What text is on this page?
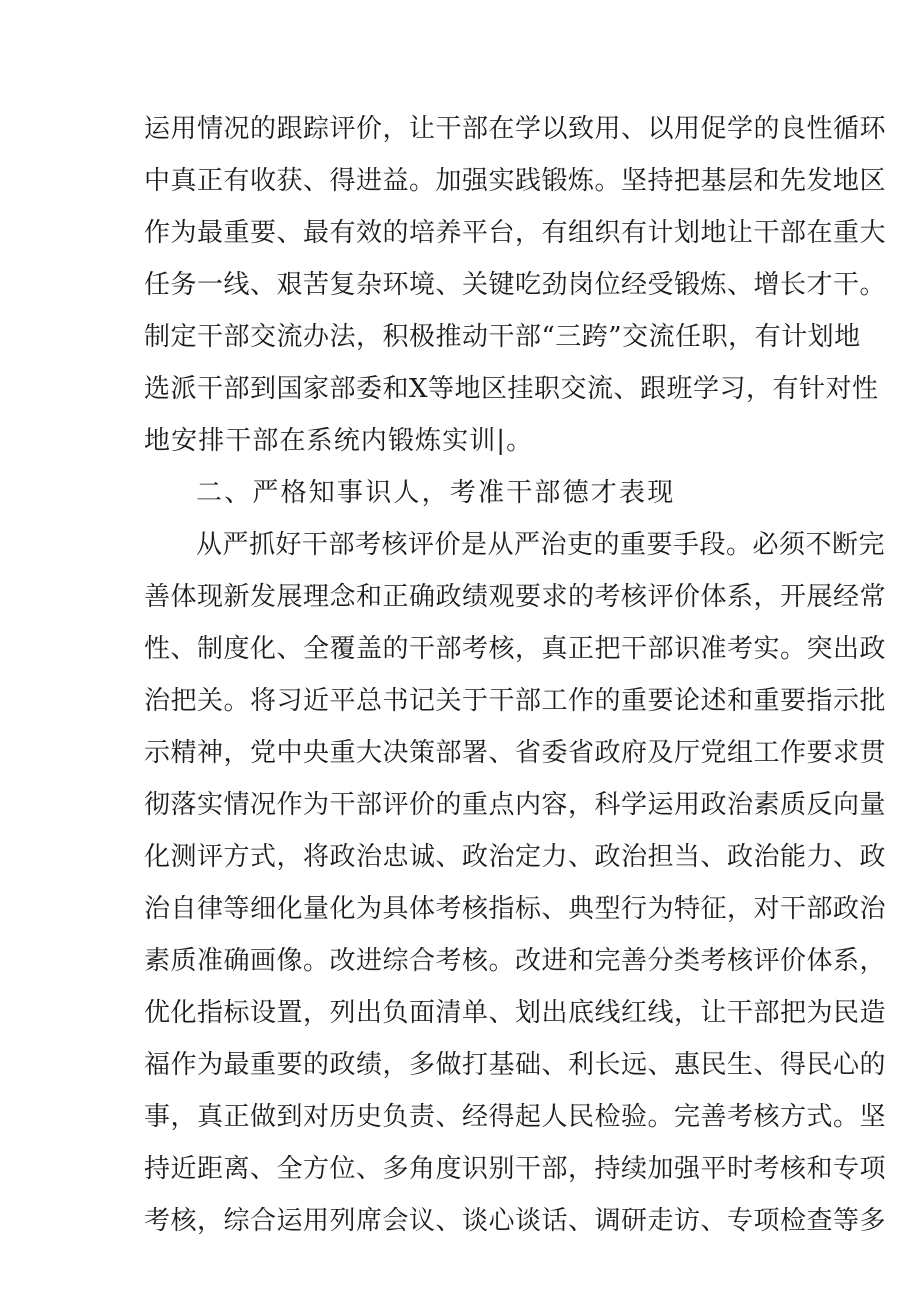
运用情况的跟踪评价，让干部在学以致用、以用促学的良性循环
中真正有收获、得进益。加强实践锻炼。坚持把基层和先发地区
作为最重要、最有效的培养平台，有组织有计划地让干部在重大
任务一线、艰苦复杂环境、关键吃劲岗位经受锻炼、增长才干。
制定干部交流办法，积极推动干部“三跨”交流任职，有计划地
选派干部到国家部委和X等地区挂职交流、跟班学习，有针对性
地安排干部在系统内锻炼实训|。
二、严格知事识人，考准干部德才表现
从严抓好干部考核评价是从严治吏的重要手段。必须不断完
善体现新发展理念和正确政绩观要求的考核评价体系，开展经常
性、制度化、全覆盖的干部考核，真正把干部识准考实。突出政
治把关。将习近平总书记关于干部工作的重要论述和重要指示批
示精神，党中央重大决策部署、省委省政府及厅党组工作要求贯
彻落实情况作为干部评价的重点内容，科学运用政治素质反向量
化测评方式，将政治忠诚、政治定力、政治担当、政治能力、政
治自律等细化量化为具体考核指标、典型行为特征，对干部政治
素质准确画像。改进综合考核。改进和完善分类考核评价体系，
优化指标设置，列出负面清单、划出底线红线，让干部把为民造
福作为最重要的政绩，多做打基础、利长远、惠民生、得民心的
事，真正做到对历史负责、经得起人民检验。完善考核方式。坚
持近距离、全方位、多角度识别干部，持续加强平时考核和专项
考核，综合运用列席会议、谈心谈话、调研走访、专项检查等多
